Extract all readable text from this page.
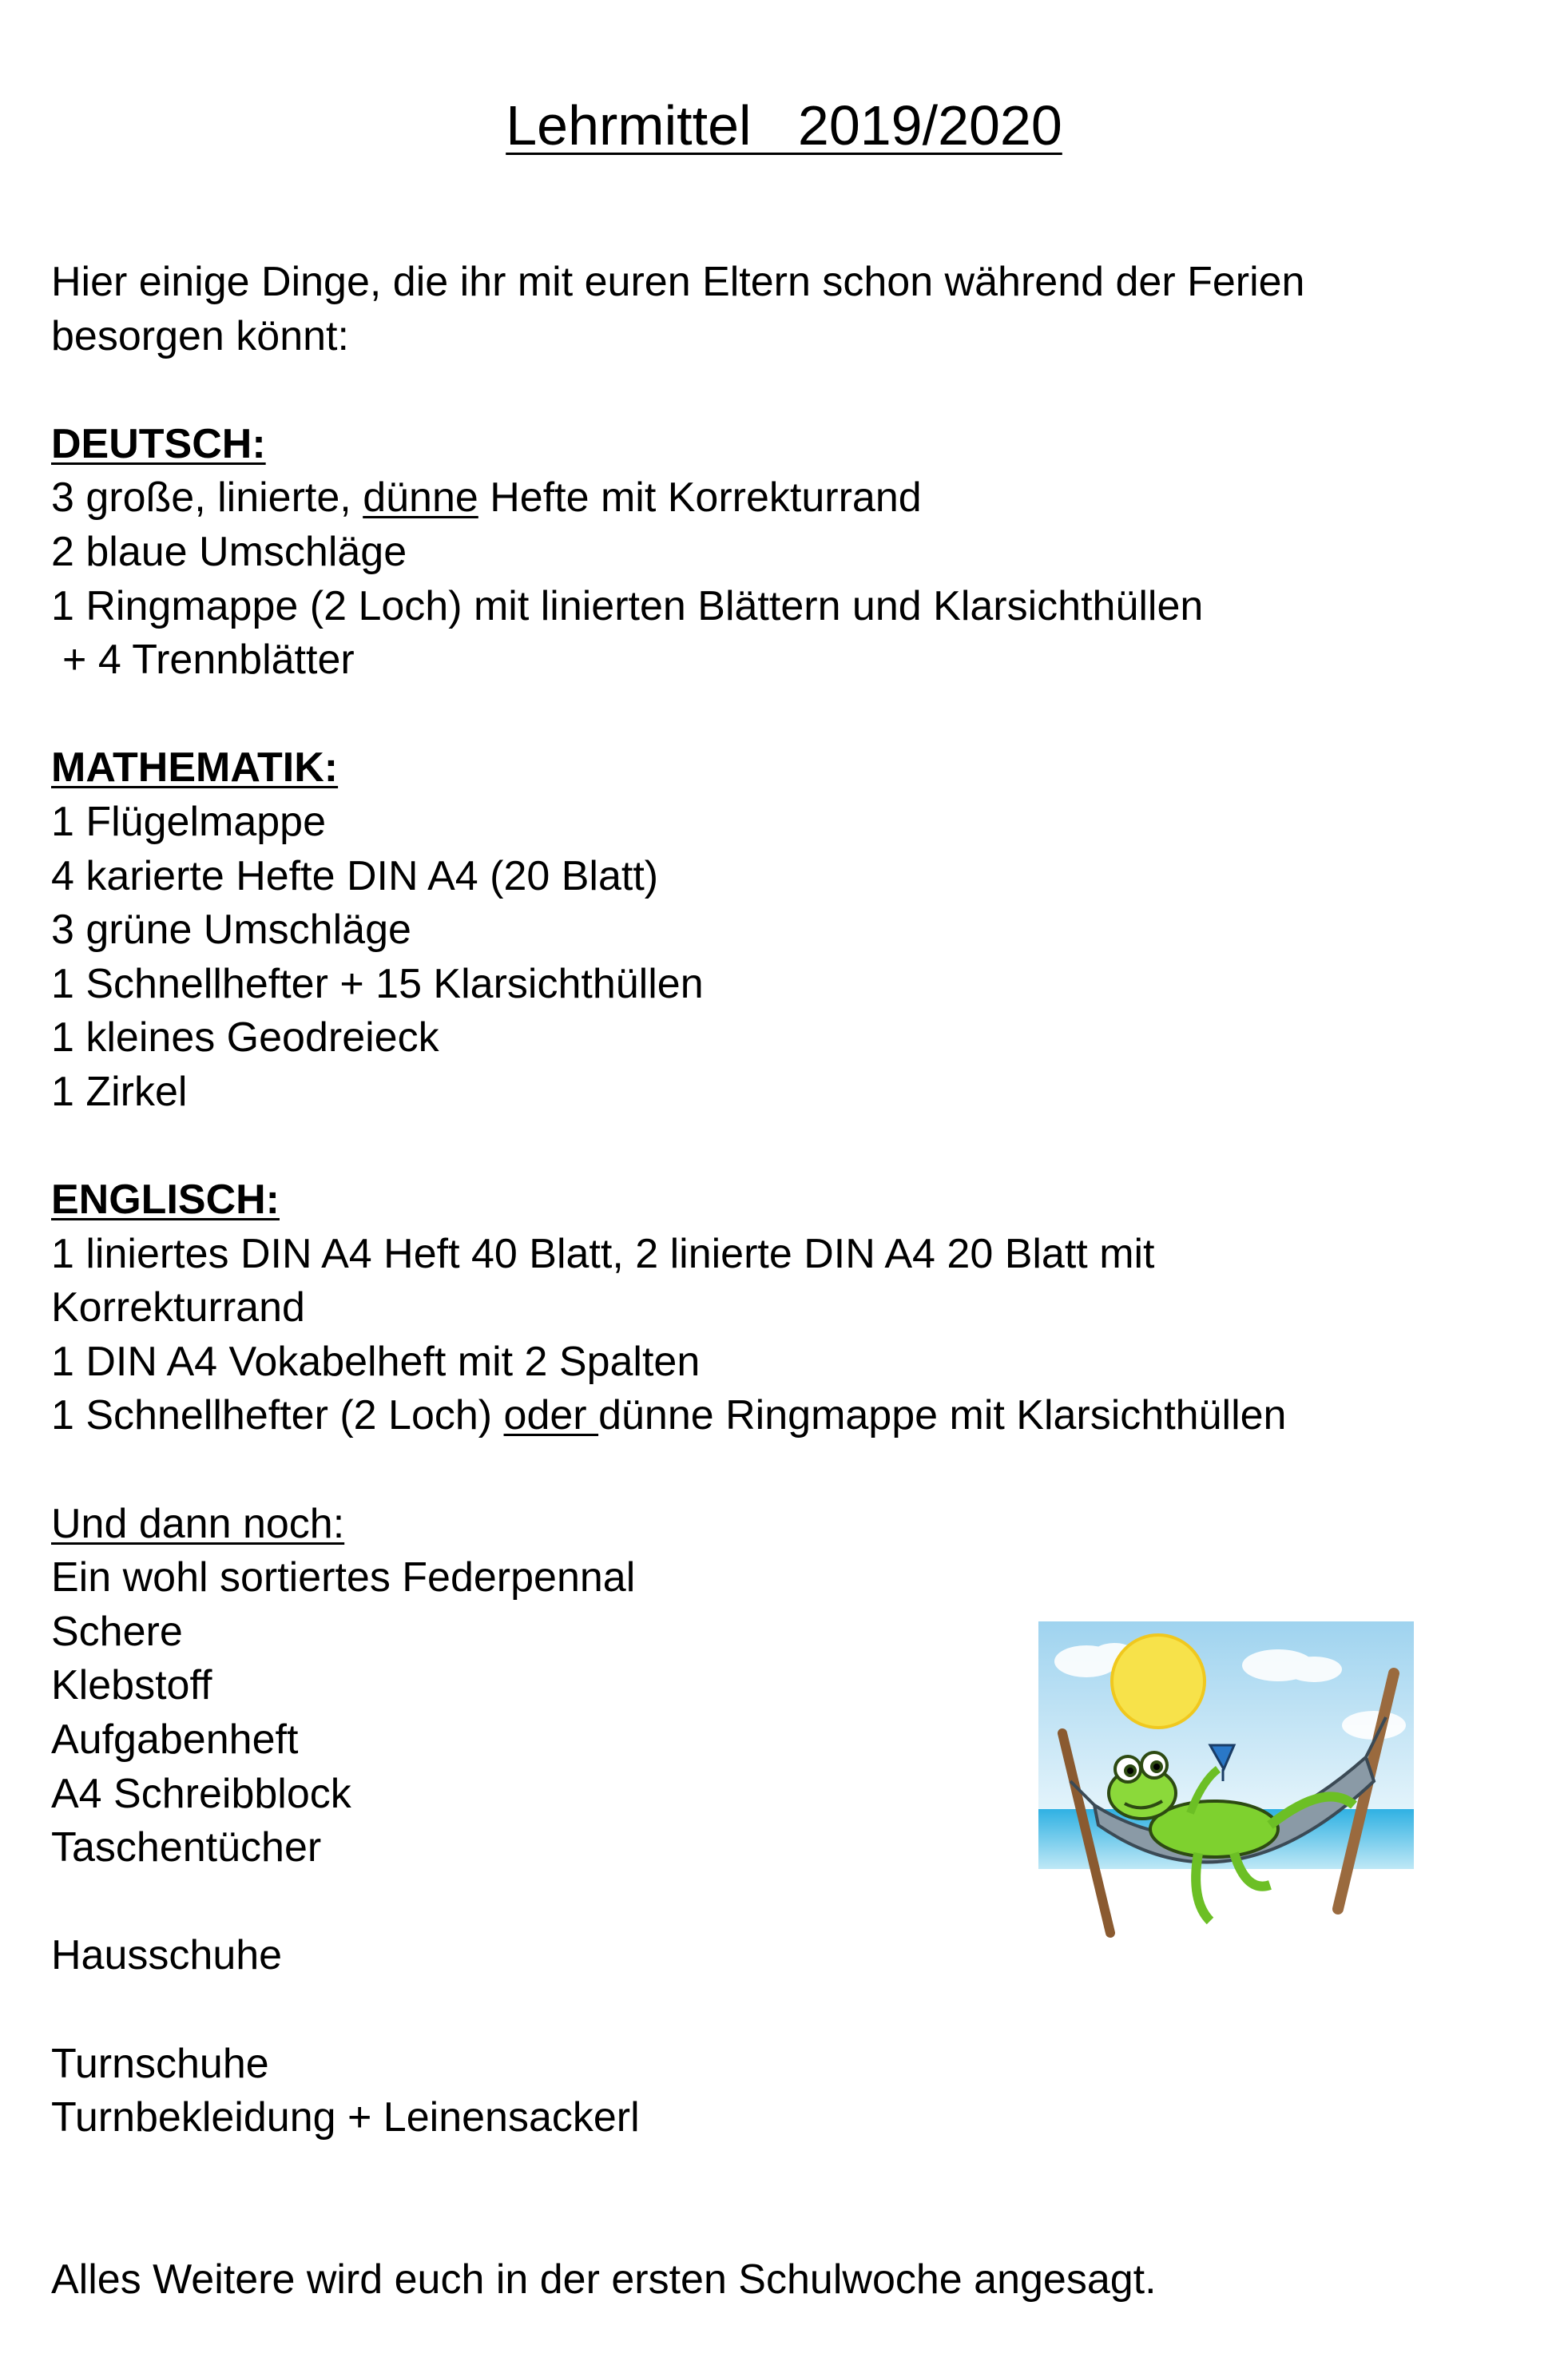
Lehrmittel   2019/2020
Hier einige Dinge, die ihr mit euren Eltern schon während der Ferien
besorgen könnt:
DEUTSCH:
3 große, linierte, dünne Hefte mit Korrekturrand
2 blaue Umschläge
1 Ringmappe (2 Loch) mit linierten Blättern und Klarsichthüllen
+ 4 Trennblätter
MATHEMATIK:
1 Flügelmappe
4 karierte Hefte DIN A4 (20 Blatt)
3 grüne Umschläge
1 Schnellhefter + 15 Klarsichthüllen
1 kleines Geodreieck
1 Zirkel
ENGLISCH:
1 liniertes DIN A4 Heft 40 Blatt, 2 linierte DIN A4 20 Blatt mit
Korrekturrand
1 DIN A4 Vokabelheft mit 2 Spalten
1 Schnellhefter (2 Loch) oder dünne Ringmappe mit Klarsichthüllen
Und dann noch:
Ein wohl sortiertes Federpennal
Schere
Klebstoff
Aufgabenheft
A4 Schreibblock
Taschentücher
Hausschuhe
Turnschuhe
Turnbekleidung + Leinensackerl
Alles Weitere wird euch in der ersten Schulwoche angesagt.
